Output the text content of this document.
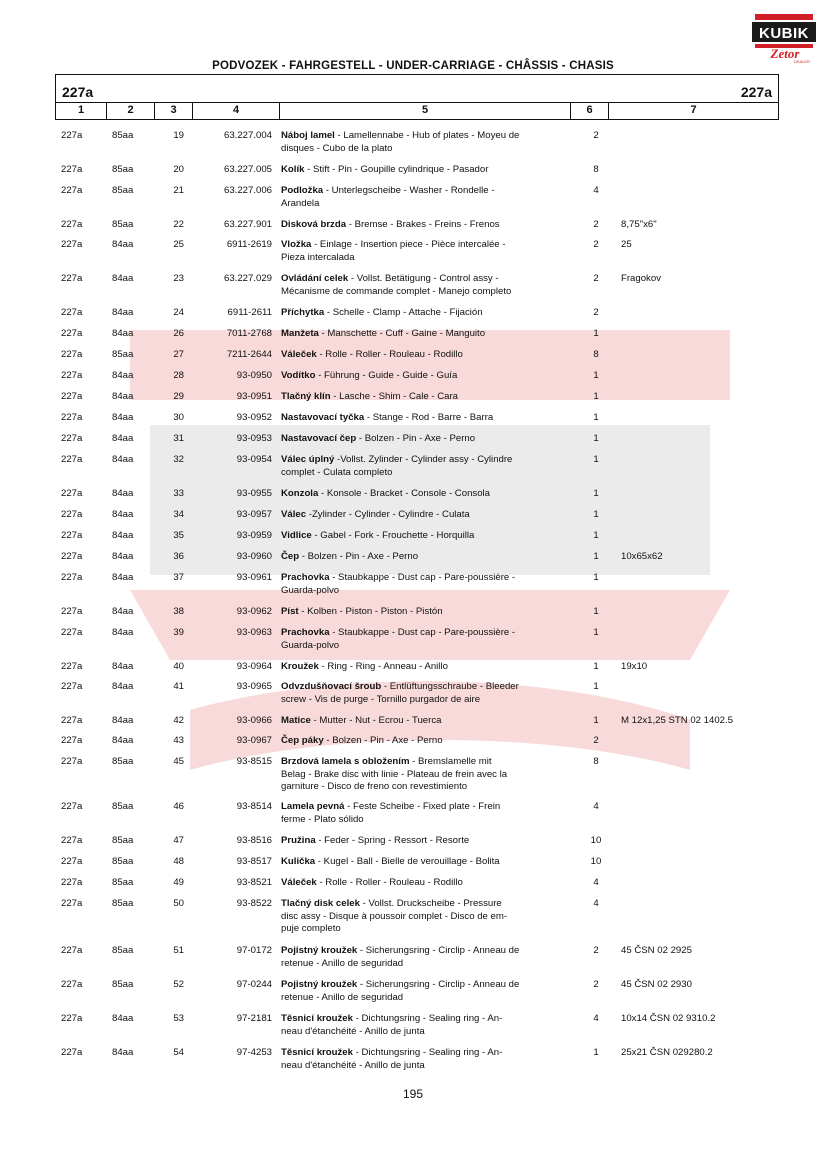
KUBIK
Zetor
DEALER
PODVOZEK - FAHRGESTELL - UNDER-CARRIAGE - CHÂSSIS - CHASIS
227a	227a
1	2	3	4	5	6	7
227a	85aa	19	63.227.004 Náboj lamel - Lamellennabe - Hub of plates - Moyeu de
disques - Cubo de la plato
2
227a	85aa	20	63.227.005 Kolík - Stift - Pin - Goupille cylindrique - Pasador	8
227a	85aa	21	63.227.006 Podložka - Unterlegscheibe - Washer - Rondelle -
Arandela
4
227a	85aa	22	63.227.901 Disková brzda - Bremse - Brakes - Freins - Frenos	2	8,75"x6"
227a	84aa	25	6911-2619 Vložka - Einlage - Insertion piece - Pièce intercalée -
Pieza intercalada
2	25
227a	84aa	23	63.227.029 Ovládání celek - Vollst. Betätigung - Control assy -
Mécanisme de commande complet - Manejo completo
2	Fragokov
227a	84aa	24	6911-2611 Příchytka - Schelle - Clamp - Attache - Fijación	2
227a	84aa	26	7011-2768 Manžeta - Manschette - Cuff - Gaine - Manguito	1
227a	85aa	27	7211-2644 Váleček - Rolle - Roller - Rouleau - Rodillo	8
227a	84aa	28	93-0950 Vodítko - Führung - Guide - Guide - Guía	1
227a	84aa	29	93-0951 Tlačný klín - Lasche - Shim - Cale - Cara	1
227a	84aa	30	93-0952 Nastavovací tyčka - Stange - Rod - Barre - Barra	1
227a	84aa	31	93-0953 Nastavovací čep - Bolzen - Pin - Axe - Perno	1
227a	84aa	32	93-0954 Válec úplný -Vollst. Zylinder - Cylinder assy - Cylindre
complet - Culata completo
1
227a	84aa	33	93-0955 Konzola - Konsole - Bracket - Console - Consola	1
227a	84aa	34	93-0957 Válec -Zylinder - Cylinder - Cylindre - Culata	1
227a	84aa	35	93-0959 Vidlice - Gabel - Fork - Frouchette - Horquilla	1
227a	84aa	36	93-0960 Čep - Bolzen - Pin - Axe - Perno	1	10x65x62
227a	84aa	37	93-0961 Prachovka - Staubkappe - Dust cap - Pare-poussière -
Guarda-polvo
1
227a	84aa	38	93-0962 Píst - Kolben - Piston - Piston - Pistón	1
227a	84aa	39	93-0963 Prachovka - Staubkappe - Dust cap - Pare-poussière -
Guarda-polvo
1
227a	84aa	40	93-0964 Kroužek - Ring - Ring - Anneau - Anillo	1	19x10
227a	84aa	41	93-0965 Odvzdušňovací šroub - Entlüftungsschraube - Bleeder
screw - Vis de purge - Tornillo purgador de aire
1
227a	84aa	42	93-0966 Matice - Mutter - Nut - Ecrou - Tuerca	1	M 12x1,25 STN 02 1402.5
227a	84aa	43	93-0967 Čep páky - Bolzen - Pin - Axe - Perno	2
227a	85aa	45	93-8515 Brzdová lamela s obložením - Bremslamelle mit
Belag - Brake disc with linie - Plateau de frein avec la
garniture - Disco de freno con revestimiento
8
227a	85aa	46	93-8514 Lamela pevná - Feste Scheibe - Fixed plate - Frein
ferme - Plato sólido
4
227a	85aa	47	93-8516 Pružina - Feder - Spring - Ressort - Resorte	10
227a	85aa	48	93-8517 Kulička - Kugel - Ball - Bielle de verouillage - Bolita	10
227a	85aa	49	93-8521 Váleček - Rolle - Roller - Rouleau - Rodillo	4
227a	85aa	50	93-8522 Tlačný disk celek - Vollst. Druckscheibe - Pressure
disc assy - Disque à poussoir complet - Disco de em-
puje completo
4
227a	85aa	51	97-0172 Pojistný kroužek - Sicherungsring - Circlip - Anneau de
retenue - Anillo de seguridad
2	45 ČSN 02 2925
227a	85aa	52	97-0244 Pojistný kroužek - Sicherungsring - Circlip - Anneau de
retenue - Anillo de seguridad
2	45 ČSN 02 2930
227a	84aa	53	97-2181 Těsnicí kroužek - Dichtungsring - Sealing ring - An-
neau d'étanchéité - Anillo de junta
4	10x14 ČSN 02 9310.2
227a	84aa	54	97-4253 Těsnicí kroužek - Dichtungsring - Sealing ring - An-
neau d'étanchéité - Anillo de junta
1	25x21 ČSN 029280.2
195
